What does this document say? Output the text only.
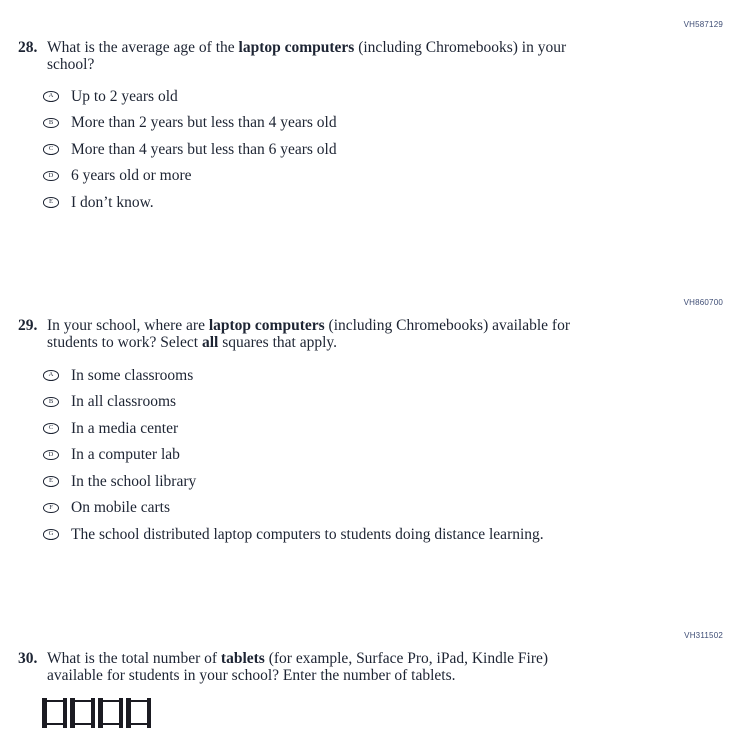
VH587129
28. What is the average age of the laptop computers (including Chromebooks) in your
school?
A	Up to 2 years old
B	More than 2 years but less than 4 years old
C	More than 4 years but less than 6 years old
D	6 years old or more
E	I don’t know.
VH860700
29. In your school, where are laptop computers (including Chromebooks) available for
students to work? Select all squares that apply.
A	In some classrooms
B	In all classrooms
C	In a media center
D	In a computer lab
E	In the school library
F	On mobile carts
G	The school distributed laptop computers to students doing distance learning.
VH311502
30. What is the total number of tablets (for example, Surface Pro, iPad, Kindle Fire)
available for students in your school? Enter the number of tablets.
